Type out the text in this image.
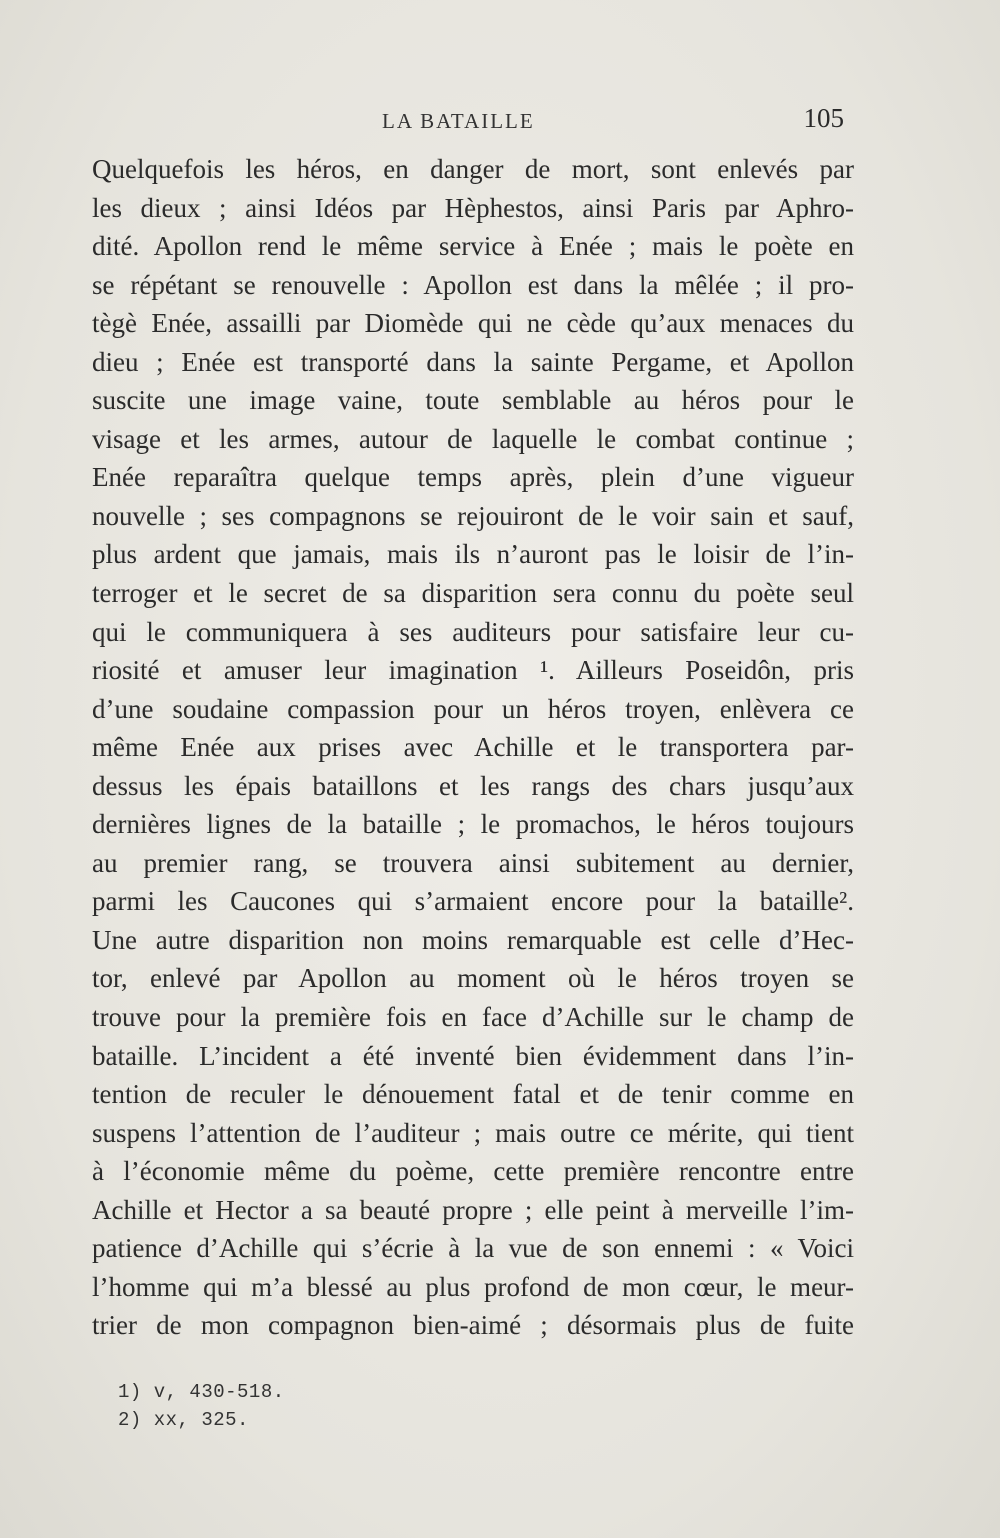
LA BATAILLE	105
Quelquefois les héros, en danger de mort, sont enlevés par
les dieux ; ainsi Idéos par Hèphestos, ainsi Paris par Aphro-
dité. Apollon rend le même service à Enée ; mais le poète en
se répétant se renouvelle : Apollon est dans la mêlée ; il pro-
tègè Enée, assailli par Diomède qui ne cède qu’aux menaces du
dieu ; Enée est transporté dans la sainte Pergame, et Apollon
suscite une image vaine, toute semblable au héros pour le
visage et les armes, autour de laquelle le combat continue ;
Enée reparaîtra quelque temps après, plein d’une vigueur
nouvelle ; ses compagnons se rejouiront de le voir sain et sauf,
plus ardent que jamais, mais ils n’auront pas le loisir de l’in-
terroger et le secret de sa disparition sera connu du poète seul
qui le communiquera à ses auditeurs pour satisfaire leur cu-
riosité et amuser leur imagination ¹. Ailleurs Poseidôn, pris
d’une soudaine compassion pour un héros troyen, enlèvera ce
même Enée aux prises avec Achille et le transportera par-
dessus les épais bataillons et les rangs des chars jusqu’aux
dernières lignes de la bataille ; le promachos, le héros toujours
au premier rang, se trouvera ainsi subitement au dernier,
parmi les Caucones qui s’armaient encore pour la bataille².
Une autre disparition non moins remarquable est celle d’Hec-
tor, enlevé par Apollon au moment où le héros troyen se
trouve pour la première fois en face d’Achille sur le champ de
bataille. L’incident a été inventé bien évidemment dans l’in-
tention de reculer le dénouement fatal et de tenir comme en
suspens l’attention de l’auditeur ; mais outre ce mérite, qui tient
à l’économie même du poème, cette première rencontre entre
Achille et Hector a sa beauté propre ; elle peint à merveille l’im-
patience d’Achille qui s’écrie à la vue de son ennemi : « Voici
l’homme qui m’a blessé au plus profond de mon cœur, le meur-
trier de mon compagnon bien-aimé ; désormais plus de fuite
1) v, 430-518.
2) xx, 325.
